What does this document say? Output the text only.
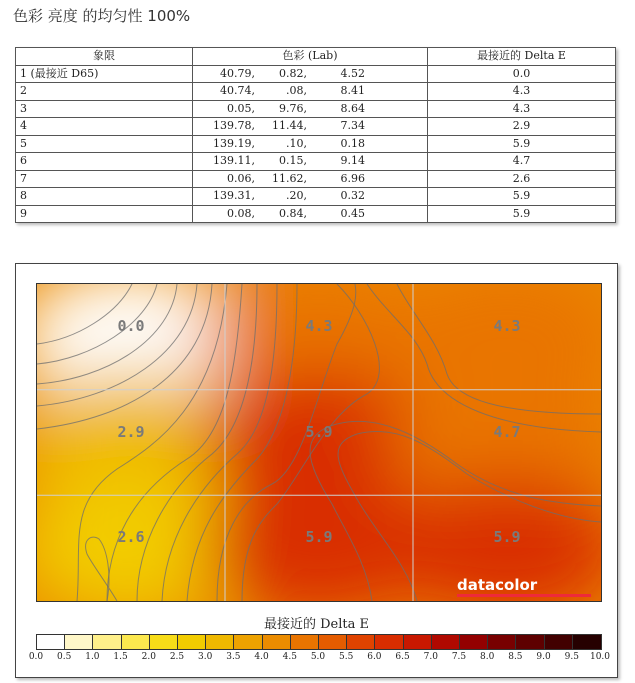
色彩 亮度 的均匀性 100%
象限	色彩 (Lab)	最接近的 Delta E
1 (最接近 D65)	40.79, 0.82, 4.52	0.0
2	40.74, .08, 8.41	4.3
3	0.05, 9.76, 8.64	4.3
4	139.78, 11.44, 7.34	2.9
5	139.19, .10, 0.18	5.9
6	139.11, 0.15, 9.14	4.7
7	0.06, 11.62, 6.96	2.6
8	139.31, .20, 0.32	5.9
9	0.08, 0.84, 0.45	5.9
0.0	4.3	4.3
2.9	5.9	4.7
2.6	5.9	5.9
datacolor
最接近的 Delta E
0.0	0.5	1.0	1.5	2.0	2.5	3.0	3.5	4.0	4.5	5.0	5.5	6.0	6.5	7.0	7.5	8.0	8.5	9.0	9.5	10.0
